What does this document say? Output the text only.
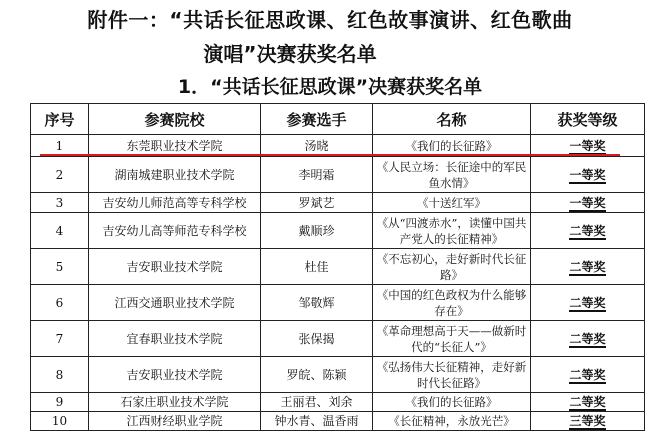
附件一：“共话长征思政课、红色故事演讲、红色歌曲
演唱”决赛获奖名单
1．“共话长征思政课”决赛获奖名单
序号	参赛院校	参赛选手	名称	获奖等级
1	东莞职业技术学院	汤晓	《我们的长征路》	一等奖
2	湖南城建职业技术学院	李明霜	《人民立场：长征途中的军民鱼水情》	一等奖
3	吉安幼儿师范高等专科学校	罗斌艺	《十送红军》	一等奖
4	吉安幼儿高等师范专科学校	戴顺珍	《从“四渡赤水”，读懂中国共产党人的长征精神》	二等奖
5	吉安职业技术学院	杜佳	《不忘初心，走好新时代长征路》	二等奖
6	江西交通职业技术学院	邹敬辉	《中国的红色政权为什么能够存在》	二等奖
7	宜春职业技术学院	张保揭	《革命理想高于天——做新时代的“长征人”》	二等奖
8	吉安职业技术学院	罗皖、陈颖	《弘扬伟大长征精神，走好新时代长征路》	二等奖
9	石家庄职业技术学院	王丽君、刘余	《我们的长征路》	二等奖
10	江西财经职业学院	钟水青、温香雨	《长征精神，永放光芒》	三等奖
